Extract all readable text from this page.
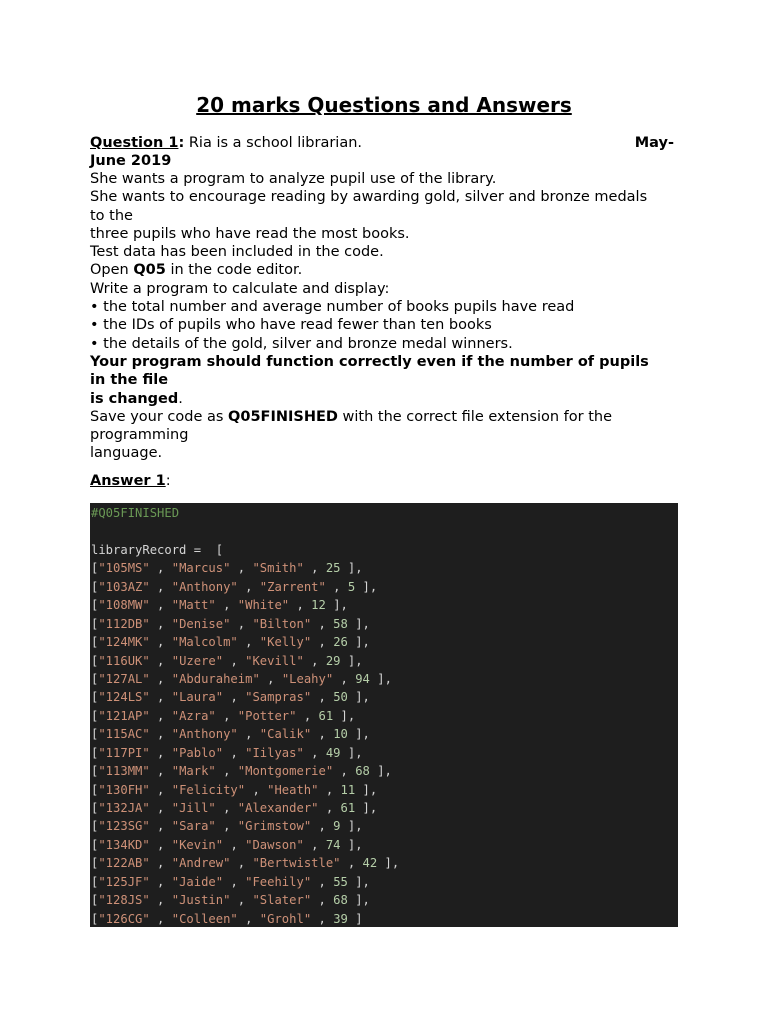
20 marks Questions and Answers
Question 1: Ria is a school librarian.	May-
June 2019
She wants a program to analyze pupil use of the library.
She wants to encourage reading by awarding gold, silver and bronze medals
to the
three pupils who have read the most books.
Test data has been included in the code.
Open Q05 in the code editor.
Write a program to calculate and display:
• the total number and average number of books pupils have read
• the IDs of pupils who have read fewer than ten books
• the details of the gold, silver and bronze medal winners.
Your program should function correctly even if the number of pupils
in the file
is changed.
Save your code as Q05FINISHED with the correct file extension for the
programming
language.
Answer 1:
#Q05FINISHED
libraryRecord =  [
["105MS" , "Marcus" , "Smith" , 25 ],
["103AZ" , "Anthony" , "Zarrent" , 5 ],
["108MW" , "Matt" , "White" , 12 ],
["112DB" , "Denise" , "Bilton" , 58 ],
["124MK" , "Malcolm" , "Kelly" , 26 ],
["116UK" , "Uzere" , "Kevill" , 29 ],
["127AL" , "Abduraheim" , "Leahy" , 94 ],
["124LS" , "Laura" , "Sampras" , 50 ],
["121AP" , "Azra" , "Potter" , 61 ],
["115AC" , "Anthony" , "Calik" , 10 ],
["117PI" , "Pablo" , "Iilyas" , 49 ],
["113MM" , "Mark" , "Montgomerie" , 68 ],
["130FH" , "Felicity" , "Heath" , 11 ],
["132JA" , "Jill" , "Alexander" , 61 ],
["123SG" , "Sara" , "Grimstow" , 9 ],
["134KD" , "Kevin" , "Dawson" , 74 ],
["122AB" , "Andrew" , "Bertwistle" , 42 ],
["125JF" , "Jaide" , "Feehily" , 55 ],
["128JS" , "Justin" , "Slater" , 68 ],
["126CG" , "Colleen" , "Grohl" , 39 ]
